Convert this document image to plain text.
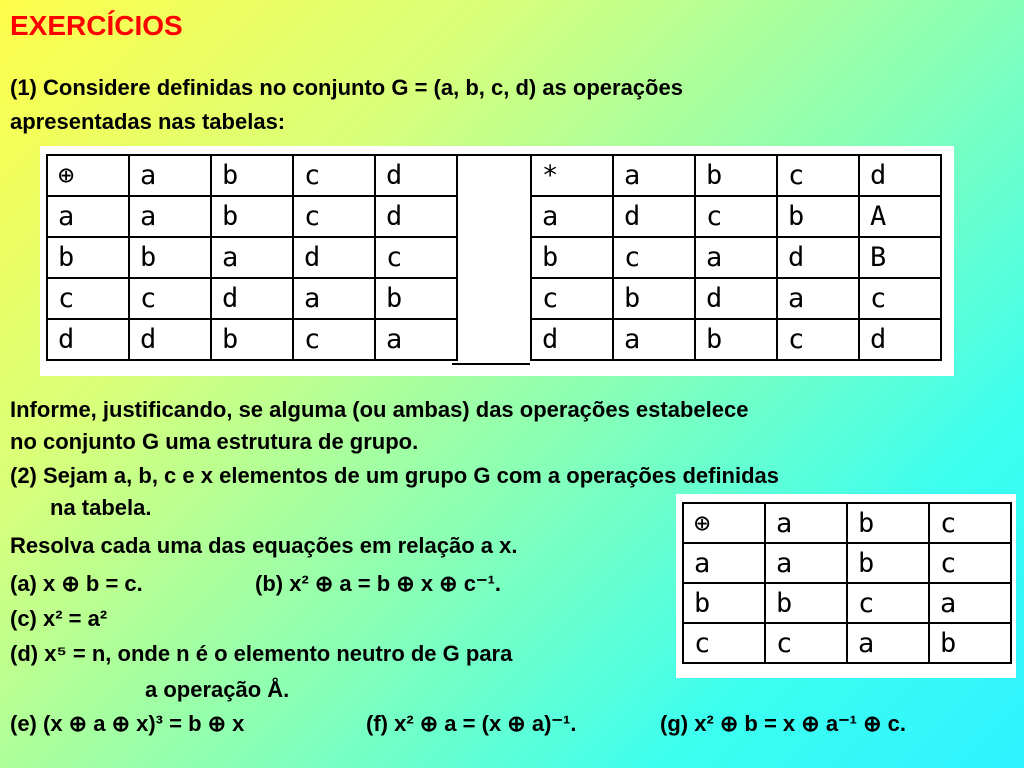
EXERCÍCIOS
(1) Considere definidas no conjunto G = (a, b, c, d) as operações
apresentadas nas tabelas:
⊕	a	b	c	d
a	a	b	c	d
b	b	a	d	c
c	c	d	a	b
d	d	b	c	a
*	a	b	c	d
a	d	c	b	A
b	c	a	d	B
c	b	d	a	c
d	a	b	c	d
Informe, justificando, se alguma (ou ambas) das operações estabelece
no conjunto G uma estrutura de grupo.
(2) Sejam a, b, c e x elementos de um grupo G com a operações definidas
na tabela.
Resolva cada uma das equações em relação a x.
⊕	a	b	c
a	a	b	c
b	b	c	a
c	c	a	b
(a) x ⊕ b = c.	(b) x² ⊕ a = b ⊕ x ⊕ c⁻¹.
(c) x² = a²
(d) x⁵ = n, onde n é o elemento neutro de G para
a operação Å.
(e) (x ⊕ a ⊕ x)³ = b ⊕ x	(f) x² ⊕ a = (x ⊕ a)⁻¹.	(g) x² ⊕ b = x ⊕ a⁻¹ ⊕ c.
